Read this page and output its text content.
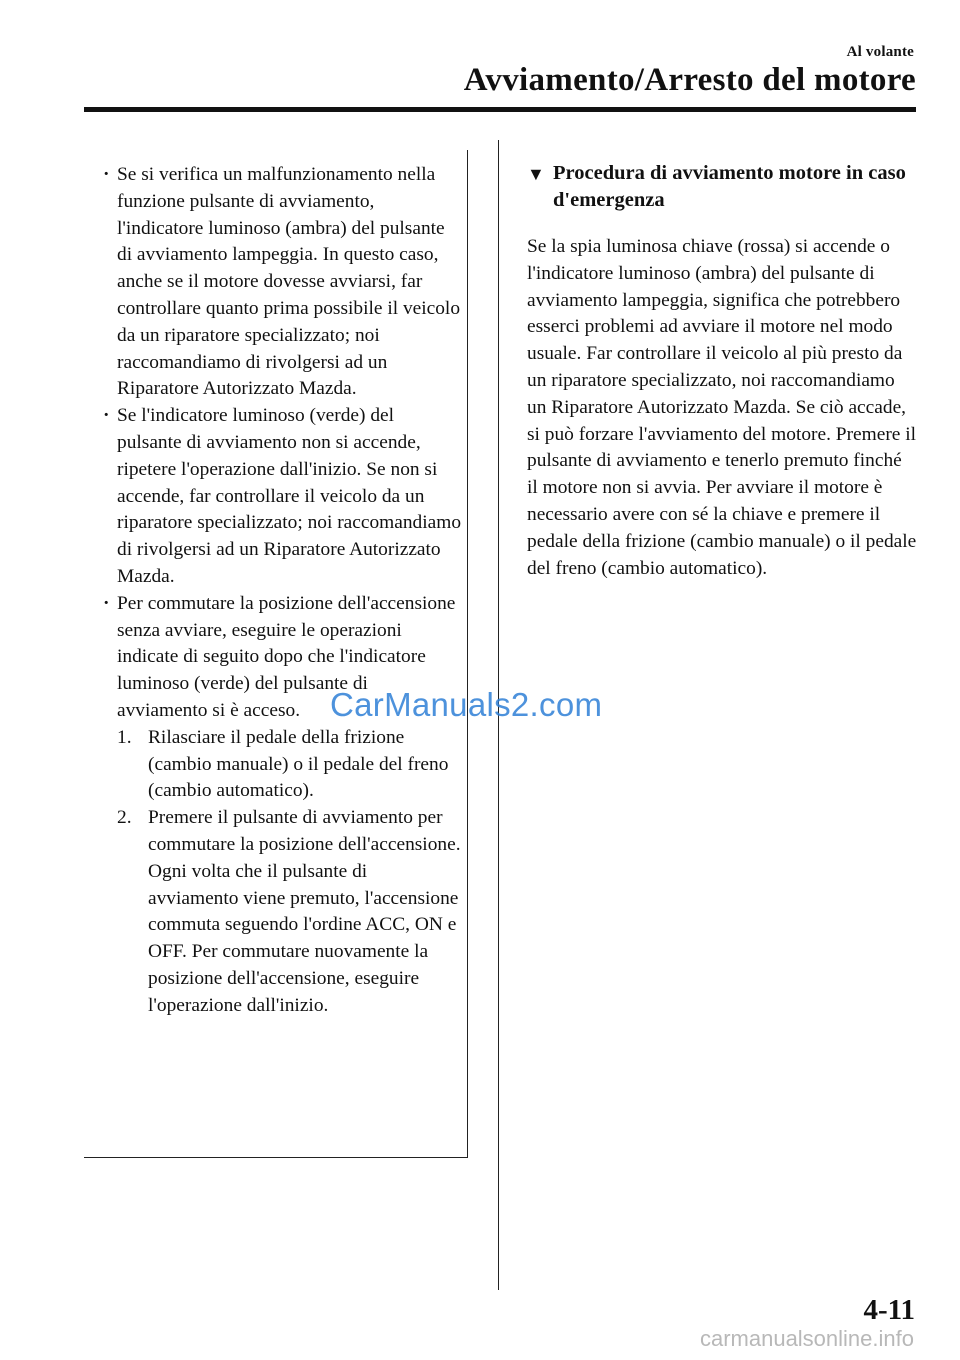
Al volante
Avviamento/Arresto del motore
· Se si verifica un malfunzionamento nella funzione pulsante di avviamento, l'indicatore luminoso (ambra) del pulsante di avviamento lampeggia. In questo caso, anche se il motore dovesse avviarsi, far controllare quanto prima possibile il veicolo da un riparatore specializzato; noi raccomandiamo di rivolgersi ad un Riparatore Autorizzato Mazda.
· Se l'indicatore luminoso (verde) del pulsante di avviamento non si accende, ripetere l'operazione dall'inizio. Se non si accende, far controllare il veicolo da un riparatore specializzato; noi raccomandiamo di rivolgersi ad un Riparatore Autorizzato Mazda.
· Per commutare la posizione dell'accensione senza avviare, eseguire le operazioni indicate di seguito dopo che l'indicatore luminoso (verde) del pulsante di avviamento si è acceso.
1. Rilasciare il pedale della frizione (cambio manuale) o il pedale del freno (cambio automatico).
2. Premere il pulsante di avviamento per commutare la posizione dell'accensione. Ogni volta che il pulsante di avviamento viene premuto, l'accensione commuta seguendo l'ordine ACC, ON e OFF. Per commutare nuovamente la posizione dell'accensione, eseguire l'operazione dall'inizio.
▼ Procedura di avviamento motore in caso d'emergenza
Se la spia luminosa chiave (rossa) si accende o l'indicatore luminoso (ambra) del pulsante di avviamento lampeggia, significa che potrebbero esserci problemi ad avviare il motore nel modo usuale. Far controllare il veicolo al più presto da un riparatore specializzato, noi raccomandiamo un Riparatore Autorizzato Mazda. Se ciò accade, si può forzare l'avviamento del motore. Premere il pulsante di avviamento e tenerlo premuto finché il motore non si avvia. Per avviare il motore è necessario avere con sé la chiave e premere il pedale della frizione (cambio manuale) o il pedale del freno (cambio automatico).
CarManuals2.com
4-11
carmanualsonline.info
